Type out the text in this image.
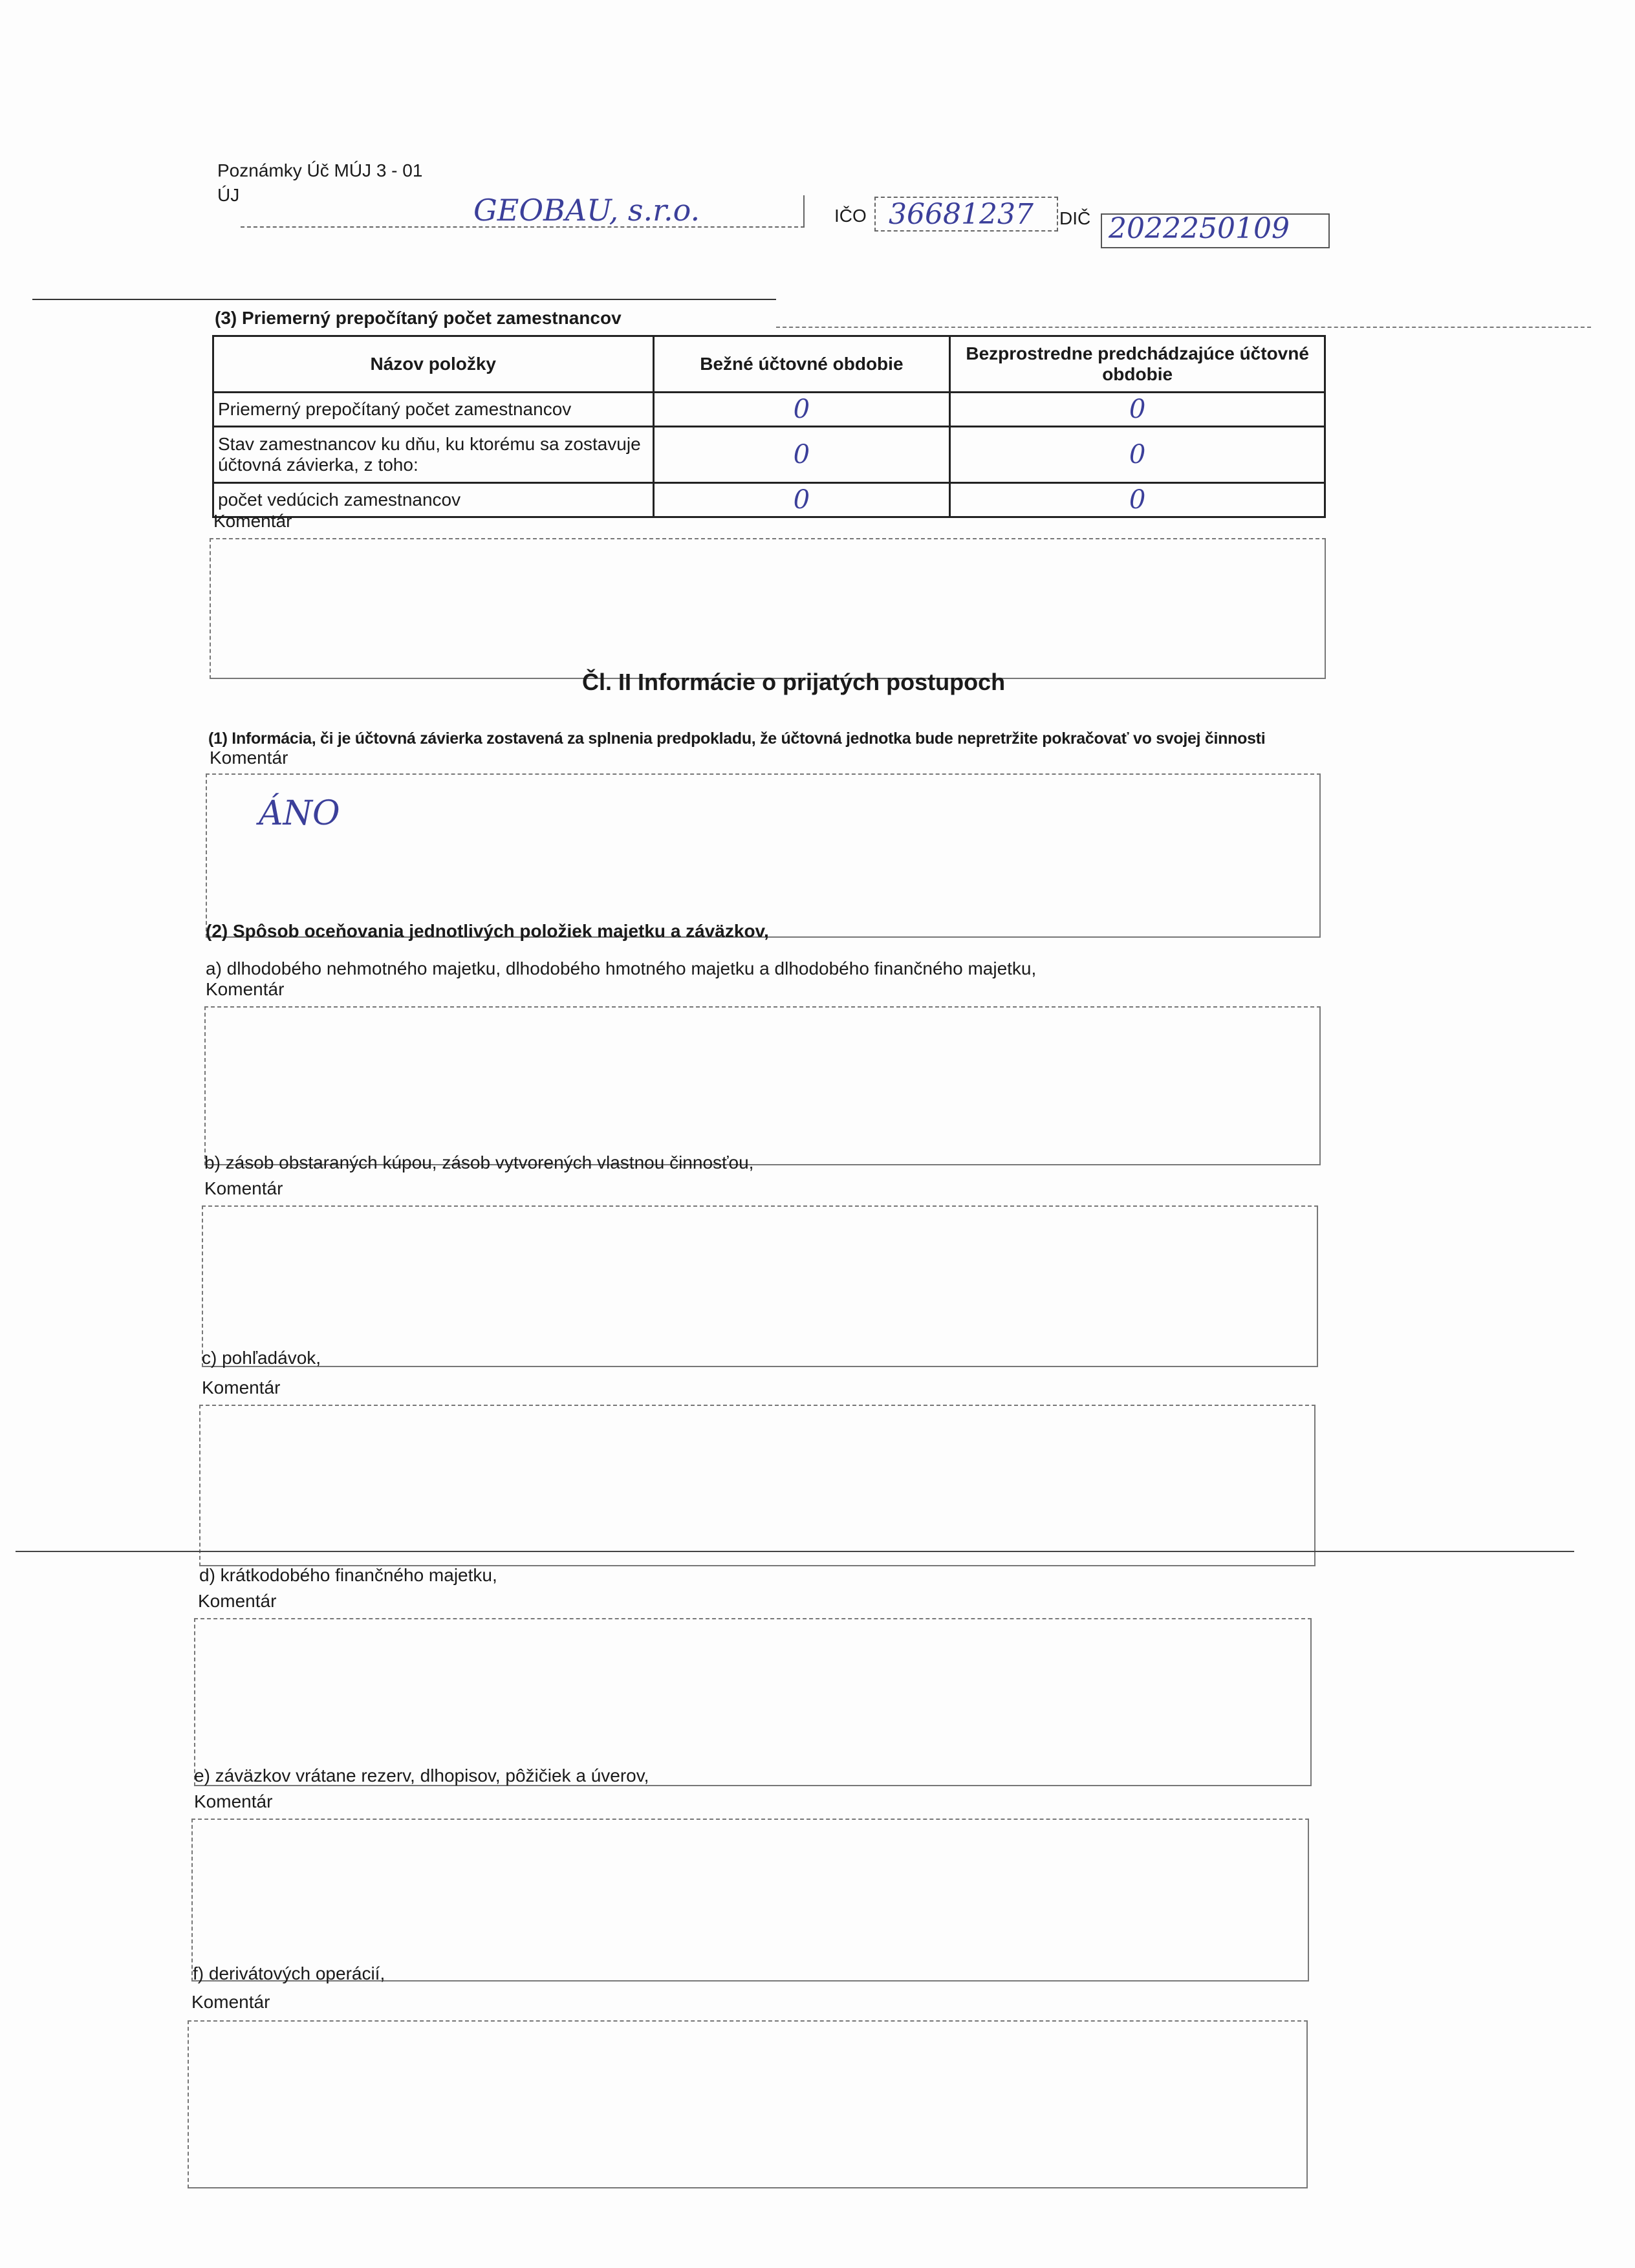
Poznámky Úč MÚJ 3 - 01
ÚJ	GEOBAU, s.r.o.	IČO 36681237 DIČ 2022250109
(3) Priemerný prepočítaný počet zamestnancov
Názov položky	Bežné účtovné obdobie	Bezprostredne predchádzajúce účtovné obdobie
Priemerný prepočítaný počet zamestnancov	0	0
Stav zamestnancov ku dňu, ku ktorému sa zostavuje účtovná závierka, z toho:	0	0
počet vedúcich zamestnancov	0	0
Komentár
Čl. II Informácie o prijatých postupoch
(1) Informácia, či je účtovná závierka zostavená za splnenia predpokladu, že účtovná jednotka bude nepretržite pokračovať vo svojej činnosti
Komentár
ÁNO
(2) Spôsob oceňovania jednotlivých položiek majetku a záväzkov,
a) dlhodobého nehmotného majetku, dlhodobého hmotného majetku a dlhodobého finančného majetku,
Komentár
b) zásob obstaraných kúpou, zásob vytvorených vlastnou činnosťou,
Komentár
c) pohľadávok,
Komentár
d) krátkodobého finančného majetku,
Komentár
e) záväzkov vrátane rezerv, dlhopisov, pôžičiek a úverov,
Komentár
f) derivátových operácií,
Komentár
